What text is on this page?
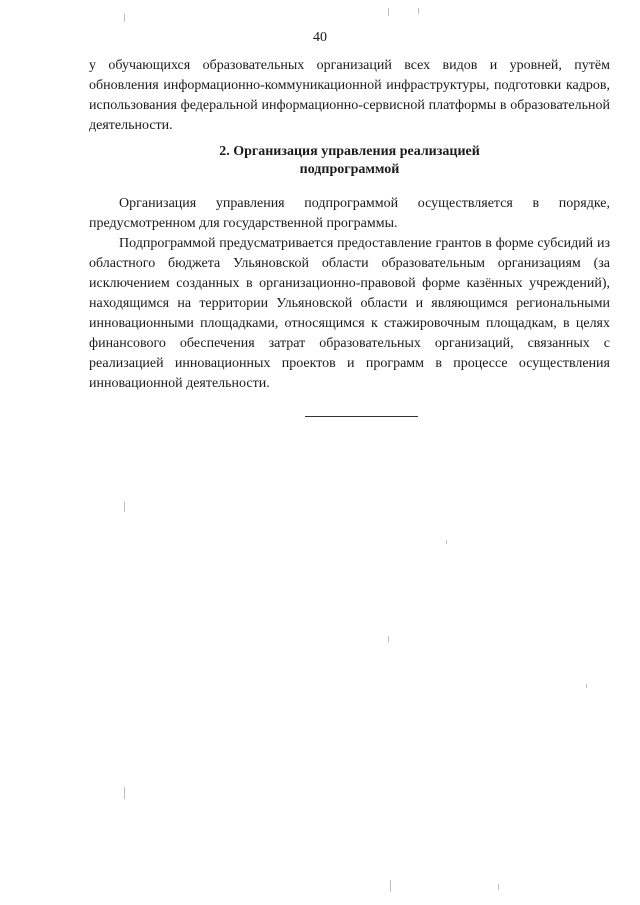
40

у обучающихся образовательных организаций всех видов и уровней, путём обновления информационно-коммуникационной инфраструктуры, подготовки кадров, использования федеральной информационно-сервисной платформы в образовательной деятельности.

2. Организация управления реализацией
подпрограммой

Организация управления подпрограммой осуществляется в порядке, предусмотренном для государственной программы.

Подпрограммой предусматривается предоставление грантов в форме субсидий из областного бюджета Ульяновской области образовательным организациям (за исключением созданных в организационно-правовой форме казённых учреждений), находящимся на территории Ульяновской области и являющимся региональными инновационными площадками, относящимся к стажировочным площадкам, в целях финансового обеспечения затрат образовательных организаций, связанных с реализацией инновационных проектов и программ в процессе осуществления инновационной деятельности.
